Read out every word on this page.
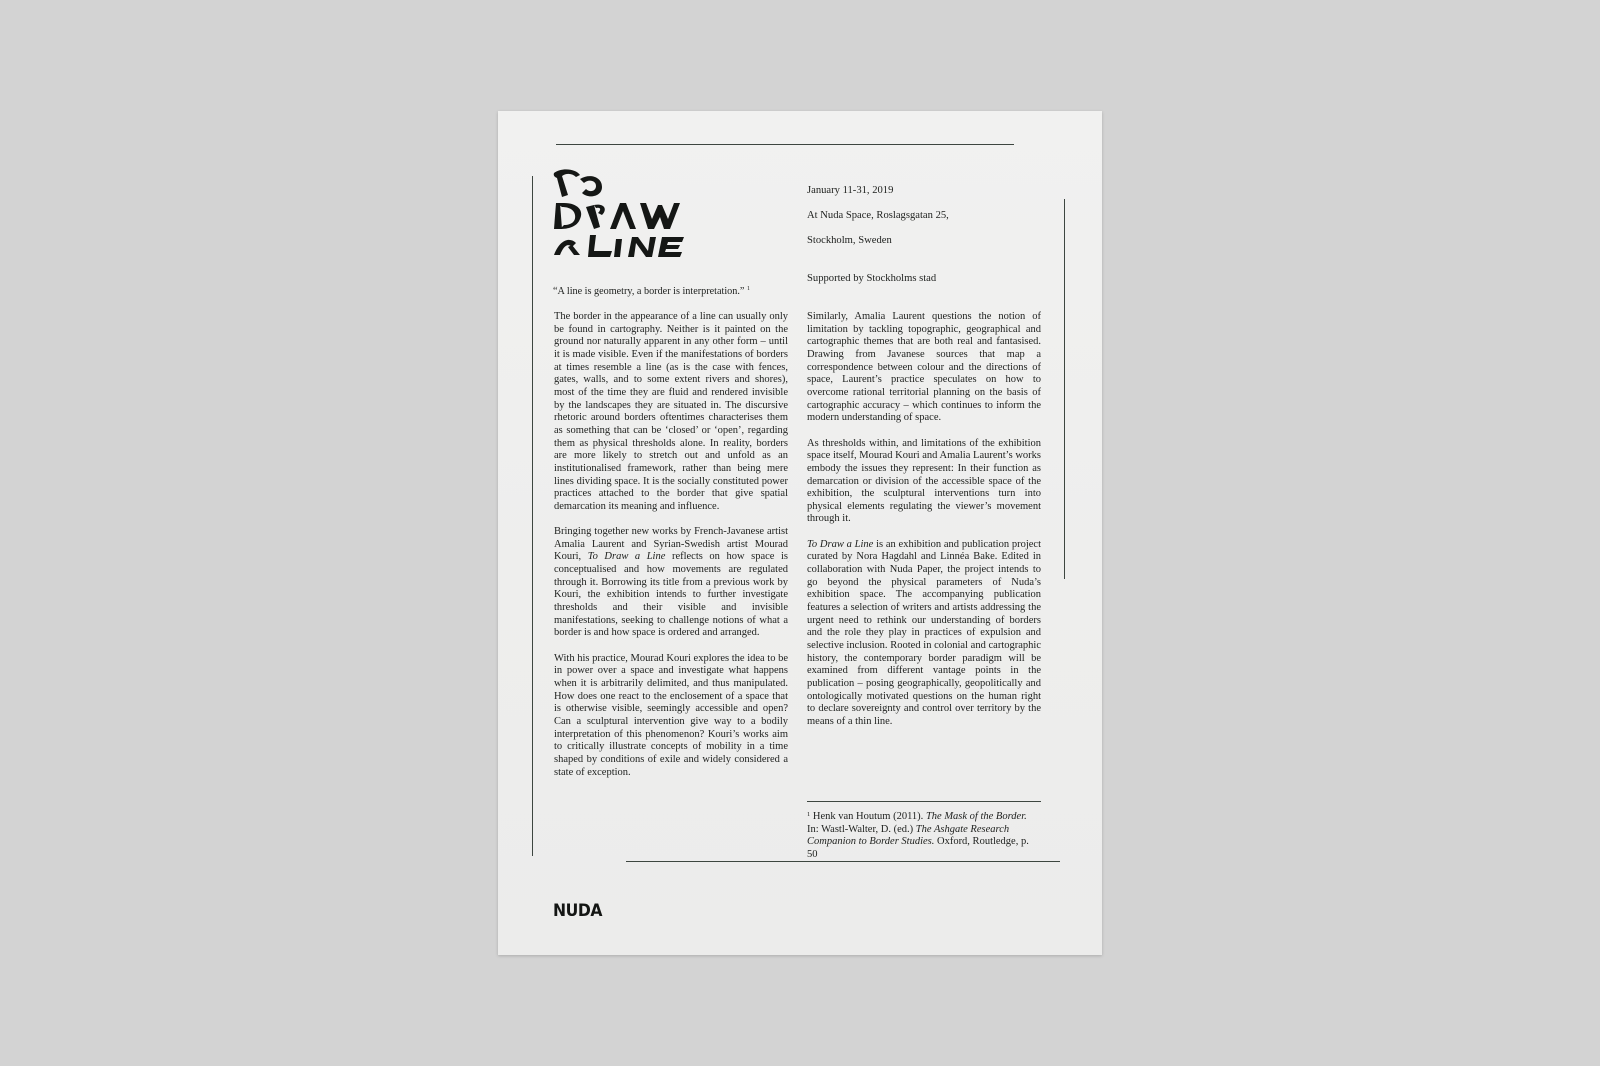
January 11-31, 2019

At Nuda Space, Roslagsgatan 25,

Stockholm, Sweden

Supported by Stockholms stad

“A line is geometry, a border is interpretation.” $^1$

The border in the appearance of a line can usually only be found in cartography. Neither is it painted on the ground nor naturally apparent in any other form – until it is made visible. Even if the manifestations of borders at times resemble a line (as is the case with fences, gates, walls, and to some extent rivers and shores), most of the time they are fluid and rendered invisible by the landscapes they are situated in. The discursive rhetoric around borders oftentimes characterises them as something that can be ‘closed’ or ‘open’, regarding them as physical thresholds alone. In reality, borders are more likely to stretch out and unfold as an institutionalised framework, rather than being mere lines dividing space. It is the socially constituted power practices attached to the border that give spatial demarcation its meaning and influence.

Bringing together new works by French-Javanese artist Amalia Laurent and Syrian-Swedish artist Mourad Kouri, To Draw a Line reflects on how space is conceptualised and how movements are regulated through it. Borrowing its title from a previous work by Kouri, the exhibition intends to further investigate thresholds and their visible and invisible manifestations, seeking to challenge notions of what a border is and how space is ordered and arranged.

With his practice, Mourad Kouri explores the idea to be in power over a space and investigate what happens when it is arbitrarily delimited, and thus manipulated. How does one react to the enclosement of a space that is otherwise visible, seemingly accessible and open? Can a sculptural intervention give way to a bodily interpretation of this phenomenon? Kouri’s works aim to critically illustrate concepts of mobility in a time shaped by conditions of exile and widely considered a state of exception.

Similarly, Amalia Laurent questions the notion of limitation by tackling topographic, geographical and cartographic themes that are both real and fantasised. Drawing from Javanese sources that map a correspondence between colour and the directions of space, Laurent’s practice speculates on how to overcome rational territorial planning on the basis of cartographic accuracy – which continues to inform the modern understanding of space.

As thresholds within, and limitations of the exhibition space itself, Mourad Kouri and Amalia Laurent’s works embody the issues they represent: In their function as demarcation or division of the accessible space of the exhibition, the sculptural interventions turn into physical elements regulating the viewer’s movement through it.

To Draw a Line is an exhibition and publication project curated by Nora Hagdahl and Linnéa Bake. Edited in collaboration with Nuda Paper, the project intends to go beyond the physical parameters of Nuda’s exhibition space. The accompanying publication features a selection of writers and artists addressing the urgent need to rethink our understanding of borders and the role they play in practices of expulsion and selective inclusion. Rooted in colonial and cartographic history, the contemporary border paradigm will be examined from different vantage points in the publication – posing geographically, geopolitically and ontologically motivated questions on the human right to declare sovereignty and control over territory by the means of a thin line.

$^1$ Henk van Houtum (2011). The Mask of the Border. In: Wastl-Walter, D. (ed.) The Ashgate Research Companion to Border Studies. Oxford, Routledge, p. 50
NUDA
